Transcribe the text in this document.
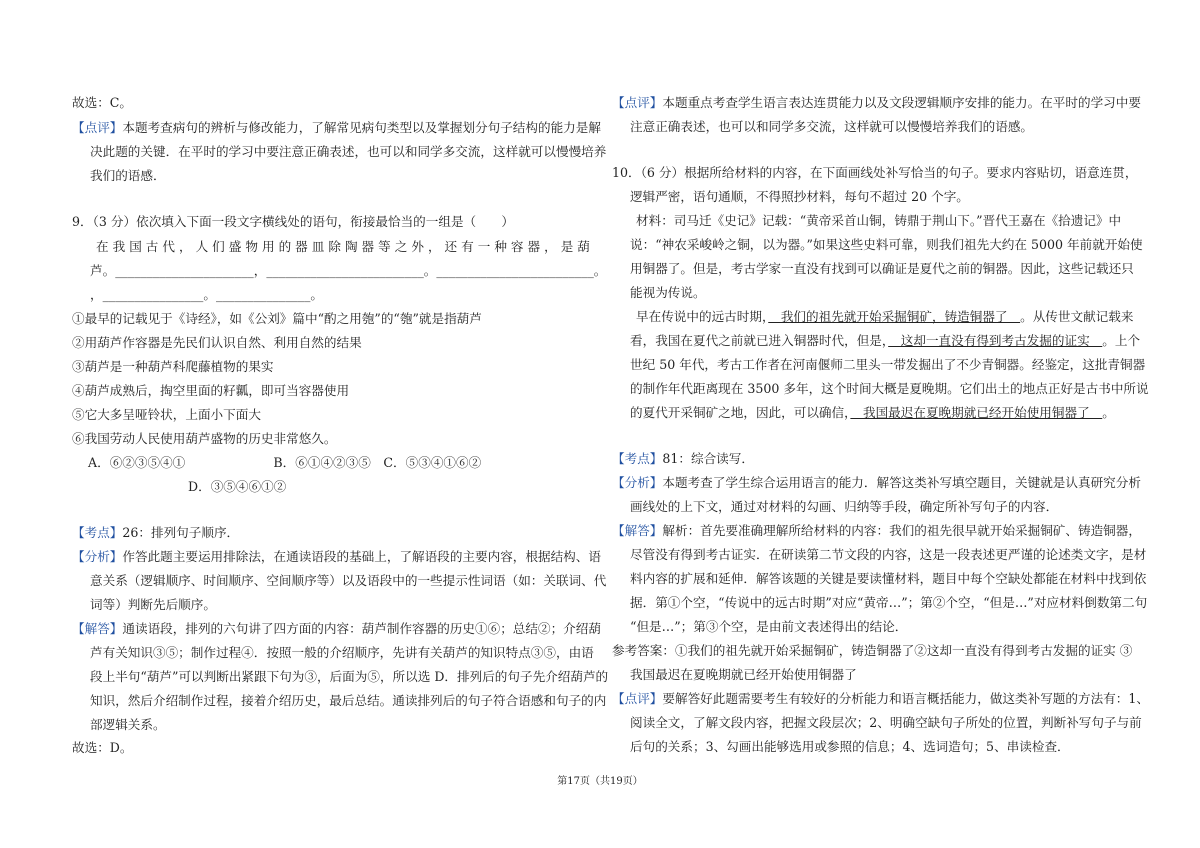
故选：C。
【点评】本题考查病句的辨析与修改能力，了解常见病句类型以及掌握划分句子结构的能力是解
决此题的关键．在平时的学习中要注意正确表述，也可以和同学多交流，这样就可以慢慢培养
我们的语感．
9．（3 分）依次填入下面一段文字横线处的语句，衔接最恰当的一组是（　　）
在 我 国 古 代 ， 人 们 盛 物 用 的 器 皿 除 陶 器 等 之 外 ， 还 有 一 种 容 器 ， 是 葫
芦。______________________，_________________________。_________________________。
，________________。_______________。
①最早的记载见于《诗经》，如《公刘》篇中“酌之用匏”的“匏”就是指葫芦
②用葫芦作容器是先民们认识自然、利用自然的结果
③葫芦是一种葫芦科爬藤植物的果实
④葫芦成熟后，掏空里面的籽瓤，即可当容器使用
⑤它大多呈哑铃状，上面小下面大
⑥我国劳动人民使用葫芦盛物的历史非常悠久。
A．⑥②③⑤④①　　　　　　　B．⑥①④②③⑤　C．⑤③④①⑥②
D．③⑤④⑥①②
【考点】26：排列句子顺序．
【分析】作答此题主要运用排除法，在通读语段的基础上，了解语段的主要内容，根据结构、语
意关系（逻辑顺序、时间顺序、空间顺序等）以及语段中的一些提示性词语（如：关联词、代
词等）判断先后顺序。
【解答】通读语段，排列的六句讲了四方面的内容：葫芦制作容器的历史①⑥；总结②；介绍葫
芦有关知识③⑤；制作过程④．按照一般的介绍顺序，先讲有关葫芦的知识特点③⑤，由语
段上半句“葫芦”可以判断出紧跟下句为③，后面为⑤，所以选 D．排列后的句子先介绍葫芦的
知识，然后介绍制作过程，接着介绍历史，最后总结。通读排列后的句子符合语感和句子的内
部逻辑关系。
故选：D。
【点评】本题重点考查学生语言表达连贯能力以及文段逻辑顺序安排的能力。在平时的学习中要
注意正确表述，也可以和同学多交流，这样就可以慢慢培养我们的语感。
10．（6 分）根据所给材料的内容，在下面画线处补写恰当的句子。要求内容贴切，语意连贯，
逻辑严密，语句通顺，不得照抄材料，每句不超过 20 个字。
材料：司马迁《史记》记载：“黄帝采首山铜，铸鼎于荆山下。”晋代王嘉在《拾遗记》中
说：“神农采峻岭之铜，以为器。”如果这些史料可靠，则我们祖先大约在 5000 年前就开始使
用铜器了。但是，考古学家一直没有找到可以确证是夏代之前的铜器。因此，这些记载还只
能视为传说。
早在传说中的远古时期，　我们的祖先就开始采掘铜矿，铸造铜器了　。从传世文献记载来
看，我国在夏代之前就已进入铜器时代，但是，　这却一直没有得到考古发掘的证实　。上个
世纪 50 年代，考古工作者在河南偃师二里头一带发掘出了不少青铜器。经鉴定，这批青铜器
的制作年代距离现在 3500 多年，这个时间大概是夏晚期。它们出土的地点正好是古书中所说
的夏代开采铜矿之地，因此，可以确信，　我国最迟在夏晚期就已经开始使用铜器了　。
【考点】81：综合读写．
【分析】本题考查了学生综合运用语言的能力．解答这类补写填空题目，关键就是认真研究分析
画线处的上下文，通过对材料的勾画、归纳等手段，确定所补写句子的内容．
【解答】解析：首先要准确理解所给材料的内容：我们的祖先很早就开始采掘铜矿、铸造铜器，
尽管没有得到考古证实．在研读第二节文段的内容，这是一段表述更严谨的论述类文字，是材
料内容的扩展和延伸．解答该题的关键是要读懂材料，题目中每个空缺处都能在材料中找到依
据．第①个空，“传说中的远古时期”对应“黄帝…”；第②个空，“但是…”对应材料倒数第二句
“但是…”；第③个空，是由前文表述得出的结论．
参考答案：①我们的祖先就开始采掘铜矿，铸造铜器了②这却一直没有得到考古发掘的证实 ③
我国最迟在夏晚期就已经开始使用铜器了
【点评】要解答好此题需要考生有较好的分析能力和语言概括能力，做这类补写题的方法有：1、
阅读全文，了解文段内容，把握文段层次；2、明确空缺句子所处的位置，判断补写句子与前
后句的关系；3、勾画出能够选用或参照的信息；4、选词造句；5、串读检查．
第17页（共19页）
